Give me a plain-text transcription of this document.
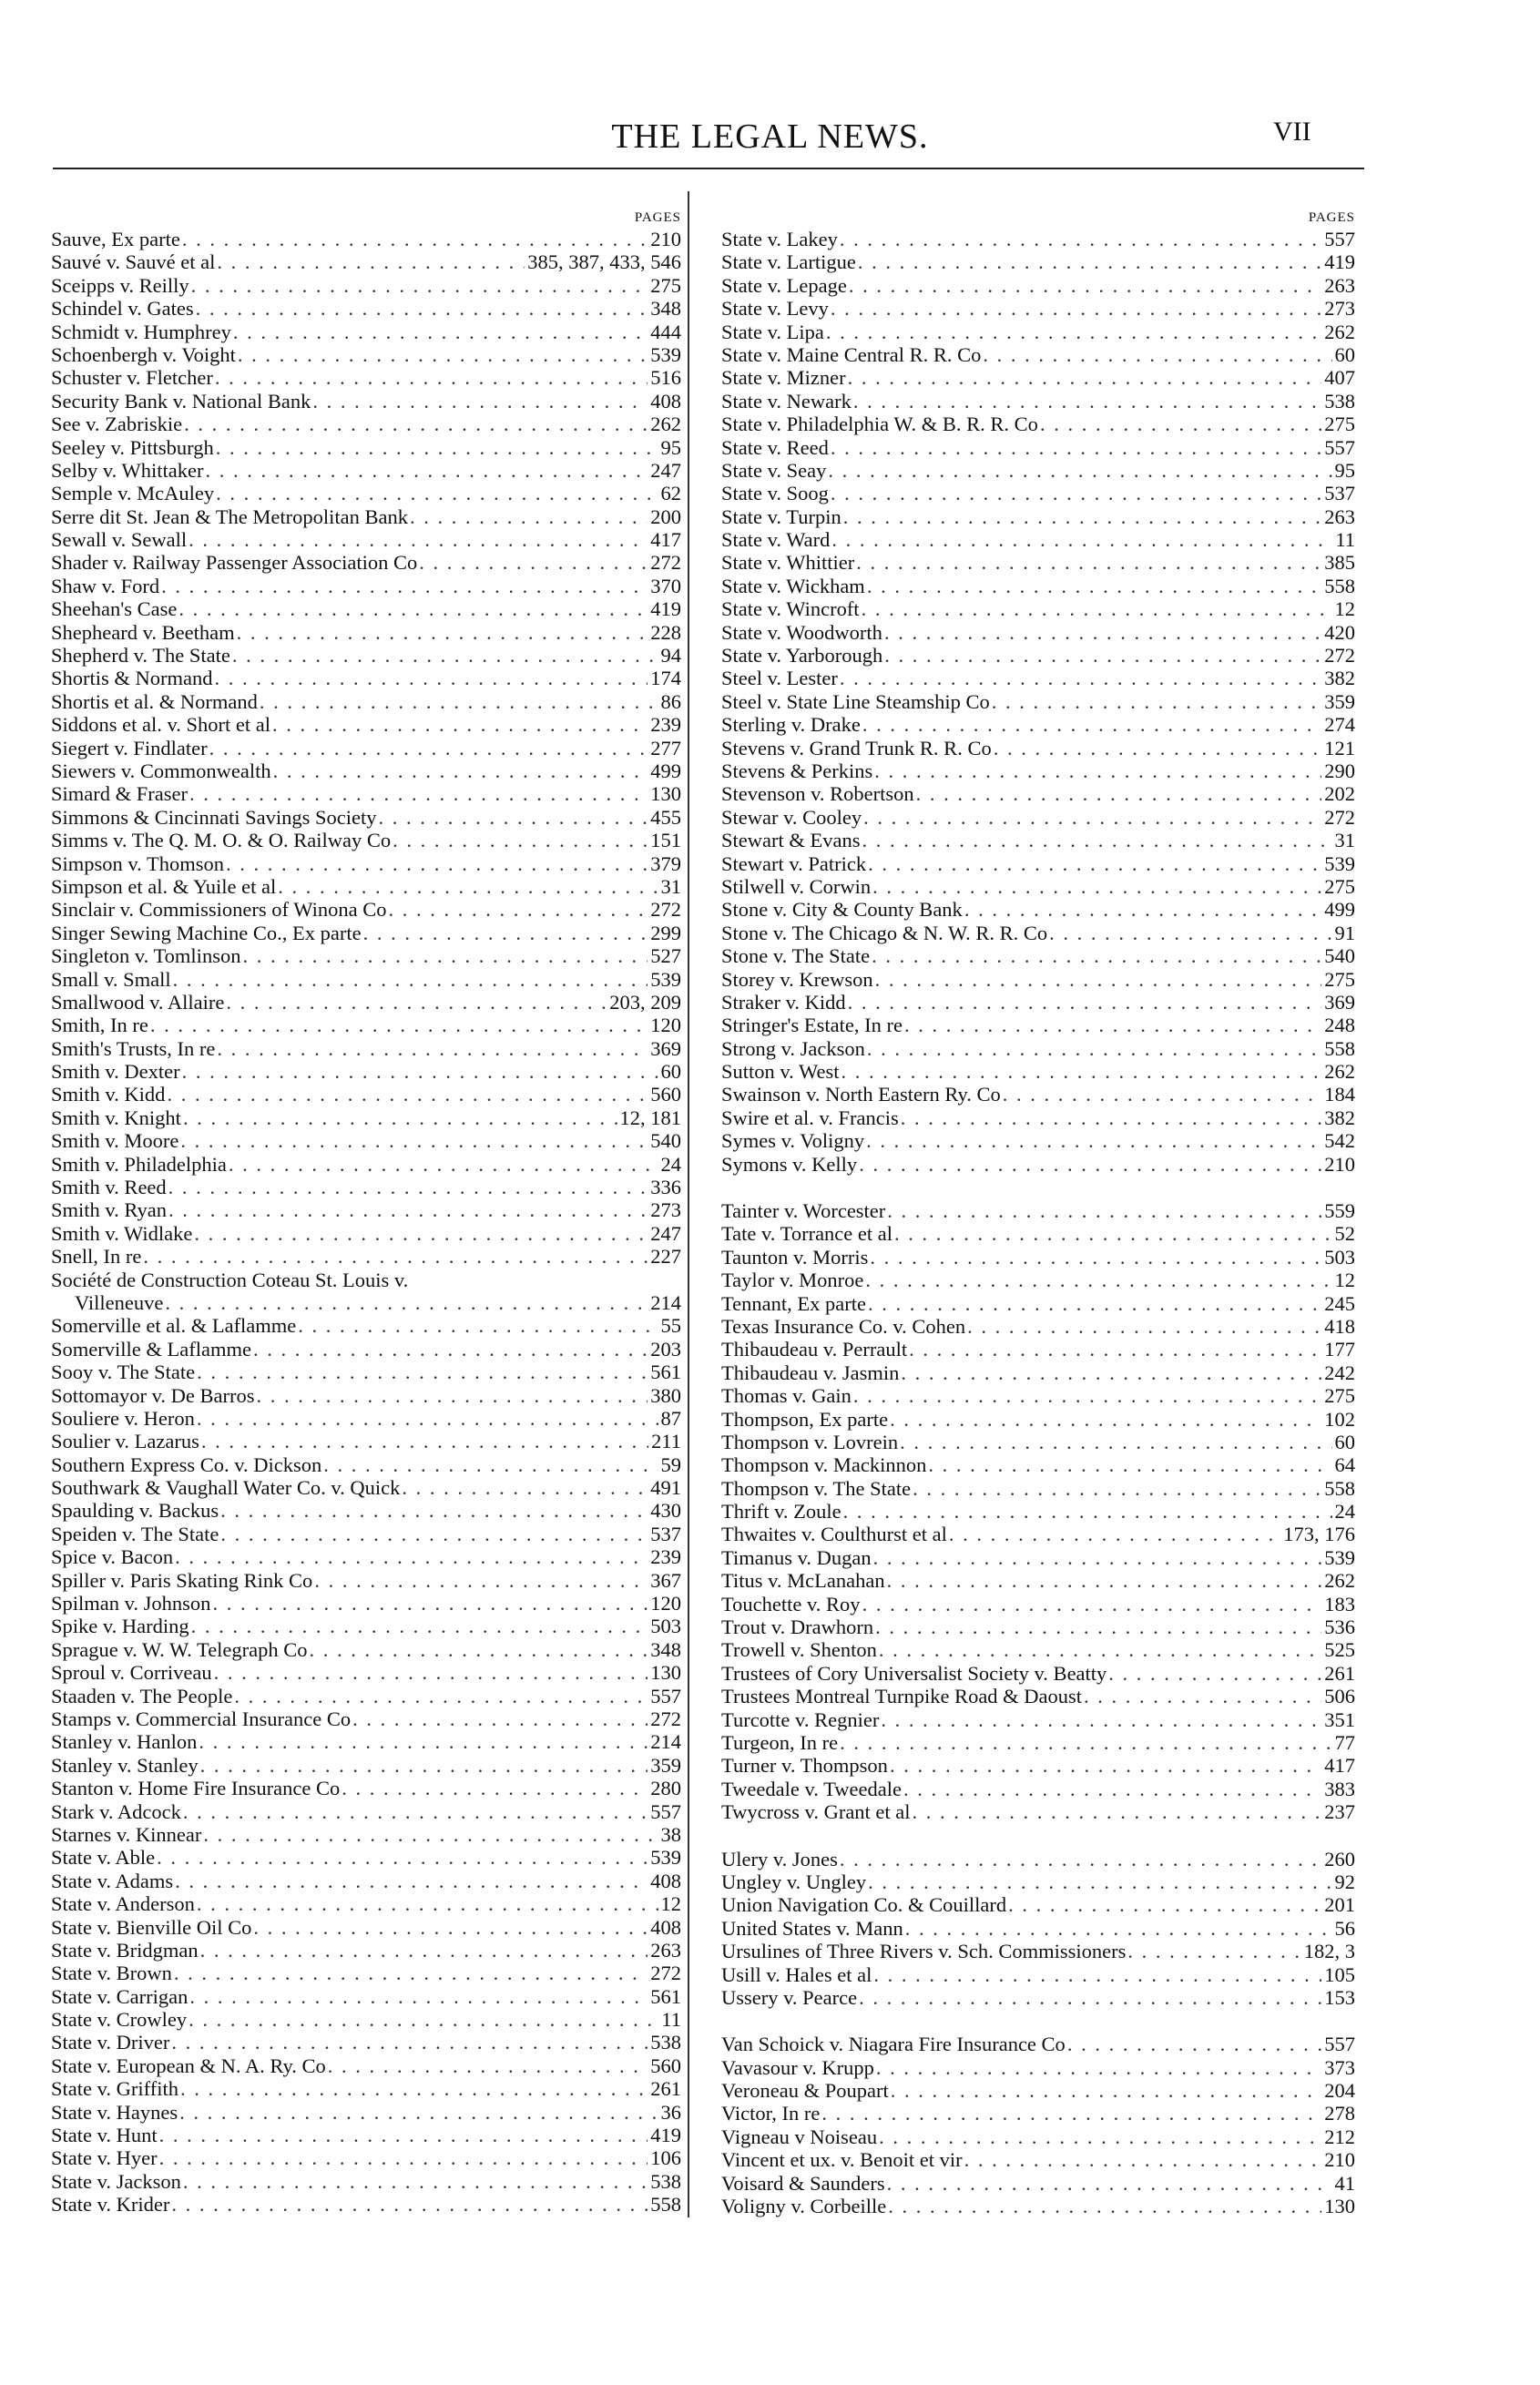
THE LEGAL NEWS.	VII
PAGES
Sauve, Ex parte . . .	210
Sauvé v. Sauvé et al . . .	385, 387, 433, 546
Sceipps v. Reilly . . .	275
Schindel v. Gates . . .	348
Schmidt v. Humphrey . . .	444
Schoenbergh v. Voight . . .	539
Schuster v. Fletcher . . .	516
Security Bank v. National Bank . . .	408
See v. Zabriskie . . .	262
Seeley v. Pittsburgh . . .	95
Selby v. Whittaker . . .	247
Semple v. McAuley . . .	62
Serre dit St. Jean & The Metropolitan Bank . . .	200
Sewall v. Sewall . . .	417
Shader v. Railway Passenger Association Co . . .	272
Shaw v. Ford . . .	370
Sheehan's Case . . .	419
Shepheard v. Beetham . . .	228
Shepherd v. The State . . .	94
Shortis & Normand . . .	174
Shortis et al. & Normand . . .	86
Siddons et al. v. Short et al . . .	239
Siegert v. Findlater . . .	277
Siewers v. Commonwealth . . .	499
Simard & Fraser . . .	130
Simmons & Cincinnati Savings Society . . .	455
Simms v. The Q. M. O. & O. Railway Co . . .	151
Simpson v. Thomson . . .	379
Simpson et al. & Yuile et al . . .	31
Sinclair v. Commissioners of Winona Co . . .	272
Singer Sewing Machine Co., Ex parte . . .	299
Singleton v. Tomlinson . . .	527
Small v. Small . . .	539
Smallwood v. Allaire . . .	203, 209
Smith, In re . . .	120
Smith's Trusts, In re . . .	369
Smith v. Dexter . . .	60
Smith v. Kidd . . .	560
Smith v. Knight . . .	12, 181
Smith v. Moore . . .	540
Smith v. Philadelphia . . .	24
Smith v. Reed . . .	336
Smith v. Ryan . . .	273
Smith v. Widlake . . .	247
Snell, In re . . .	227
Société de Construction Coteau St. Louis v.
Villeneuve . . .	214
Somerville et al. & Laflamme . . .	55
Somerville & Laflamme . . .	203
Sooy v. The State . . .	561
Sottomayor v. De Barros . . .	380
Souliere v. Heron . . .	87
Soulier v. Lazarus . . .	211
Southern Express Co. v. Dickson . . .	59
Southwark & Vaughall Water Co. v. Quick . . .	491
Spaulding v. Backus . . .	430
Speiden v. The State . . .	537
Spice v. Bacon . . .	239
Spiller v. Paris Skating Rink Co . . .	367
Spilman v. Johnson . . .	120
Spike v. Harding . . .	503
Sprague v. W. W. Telegraph Co . . .	348
Sproul v. Corriveau . . .	130
Staaden v. The People . . .	557
Stamps v. Commercial Insurance Co . . .	272
Stanley v. Hanlon . . .	214
Stanley v. Stanley . . .	359
Stanton v. Home Fire Insurance Co . . .	280
Stark v. Adcock . . .	557
Starnes v. Kinnear . . .	38
State v. Able . . .	539
State v. Adams . . .	408
State v. Anderson . . .	12
State v. Bienville Oil Co . . .	408
State v. Bridgman . . .	263
State v. Brown . . .	272
State v. Carrigan . . .	561
State v. Crowley . . .	11
State v. Driver . . .	538
State v. European & N. A. Ry. Co . . .	560
State v. Griffith . . .	261
State v. Haynes . . .	36
State v. Hunt . . .	419
State v. Hyer . . .	106
State v. Jackson . . .	538
State v. Krider . . .	558
PAGES
State v. Lakey . . .	557
State v. Lartigue . . .	419
State v. Lepage . . .	263
State v. Levy . . .	273
State v. Lipa . . .	262
State v. Maine Central R. R. Co . . .	60
State v. Mizner . . .	407
State v. Newark . . .	538
State v. Philadelphia W. & B. R. R. Co . . .	275
State v. Reed . . .	557
State v. Seay . . .	95
State v. Soog . . .	537
State v. Turpin . . .	263
State v. Ward . . .	11
State v. Whittier . . .	385
State v. Wickham . . .	558
State v. Wincroft . . .	12
State v. Woodworth . . .	420
State v. Yarborough . . .	272
Steel v. Lester . . .	382
Steel v. State Line Steamship Co . . .	359
Sterling v. Drake . . .	274
Stevens v. Grand Trunk R. R. Co . . .	121
Stevens & Perkins . . .	290
Stevenson v. Robertson . . .	202
Stewar v. Cooley . . .	272
Stewart & Evans . . .	31
Stewart v. Patrick . . .	539
Stilwell v. Corwin . . .	275
Stone v. City & County Bank . . .	499
Stone v. The Chicago & N. W. R. R. Co . . .	91
Stone v. The State . . .	540
Storey v. Krewson . . .	275
Straker v. Kidd . . .	369
Stringer's Estate, In re . . .	248
Strong v. Jackson . . .	558
Sutton v. West . . .	262
Swainson v. North Eastern Ry. Co . . .	184
Swire et al. v. Francis . . .	382
Symes v. Voligny . . .	542
Symons v. Kelly . . .	210
Tainter v. Worcester . . .	559
Tate v. Torrance et al . . .	52
Taunton v. Morris . . .	503
Taylor v. Monroe . . .	12
Tennant, Ex parte . . .	245
Texas Insurance Co. v. Cohen . . .	418
Thibaudeau v. Perrault . . .	177
Thibaudeau v. Jasmin . . .	242
Thomas v. Gain . . .	275
Thompson, Ex parte . . .	102
Thompson v. Lovrein . . .	60
Thompson v. Mackinnon . . .	64
Thompson v. The State . . .	558
Thrift v. Zoule . . .	24
Thwaites v. Coulthurst et al . . .	173, 176
Timanus v. Dugan . . .	539
Titus v. McLanahan . . .	262
Touchette v. Roy . . .	183
Trout v. Drawhorn . . .	536
Trowell v. Shenton . . .	525
Trustees of Cory Universalist Society v. Beatty . . .	261
Trustees Montreal Turnpike Road & Daoust . . .	506
Turcotte v. Regnier . . .	351
Turgeon, In re . . .	77
Turner v. Thompson . . .	417
Tweedale v. Tweedale . . .	383
Twycross v. Grant et al . . .	237
Ulery v. Jones . . .	260
Ungley v. Ungley . . .	92
Union Navigation Co. & Couillard . . .	201
United States v. Mann . . .	56
Ursulines of Three Rivers v. Sch. Commissioners . . .	182, 3
Usill v. Hales et al . . .	105
Ussery v. Pearce . . .	153
Van Schoick v. Niagara Fire Insurance Co . . .	557
Vavasour v. Krupp . . .	373
Veroneau & Poupart . . .	204
Victor, In re . . .	278
Vigneau v Noiseau . . .	212
Vincent et ux. v. Benoit et vir . . .	210
Voisard & Saunders . . .	41
Voligny v. Corbeille . . .	130
